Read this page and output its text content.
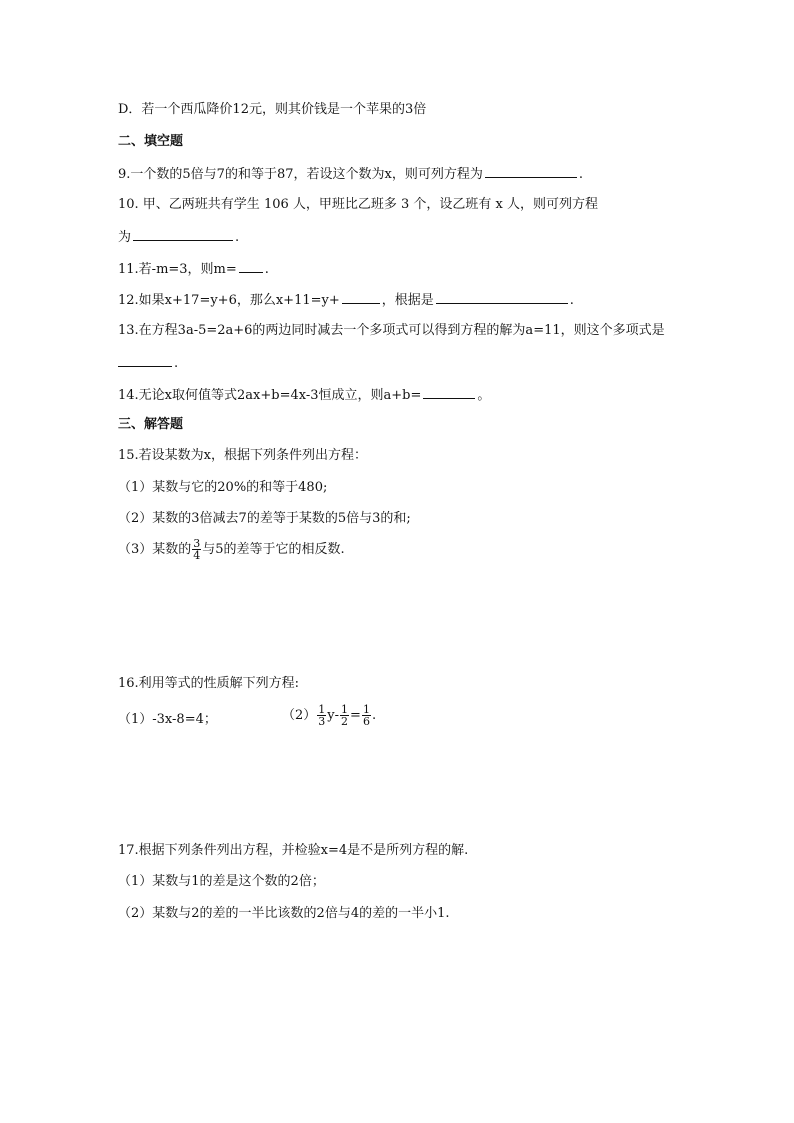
D．若一个西瓜降价12元，则其价钱是一个苹果的3倍
二、填空题
9.一个数的5倍与7的和等于87，若设这个数为x，则可列方程为	.
10. 甲、乙两班共有学生 106 人，甲班比乙班多 3 个，设乙班有 x 人，则可列方程
为	.
11.若-m=3，则m= .
12.如果x+17=y+6，那么x+11=y+	，根据是	.
13.在方程3a-5=2a+6的两边同时减去一个多项式可以得到方程的解为a=11，则这个多项式是
.
14.无论x取何值等式2ax+b=4x-3恒成立，则a+b=	。
三、解答题
15.若设某数为x，根据下列条件列出方程：
（1）某数与它的20%的和等于480;
（2）某数的3倍减去7的差等于某数的5倍与3的和;
（3）某数的 $\frac{3}{4}$ 与5的差等于它的相反数.
16.利用等式的性质解下列方程:
（1）-3x-8=4；	$(2) \frac{1}{3} y- \frac{1}{2} = \frac{1}{6}$ .
17.根据下列条件列出方程，并检验x=4是不是所列方程的解.
（1）某数与1的差是这个数的2倍；
（2）某数与2的差的一半比该数的2倍与4的差的一半小1.
